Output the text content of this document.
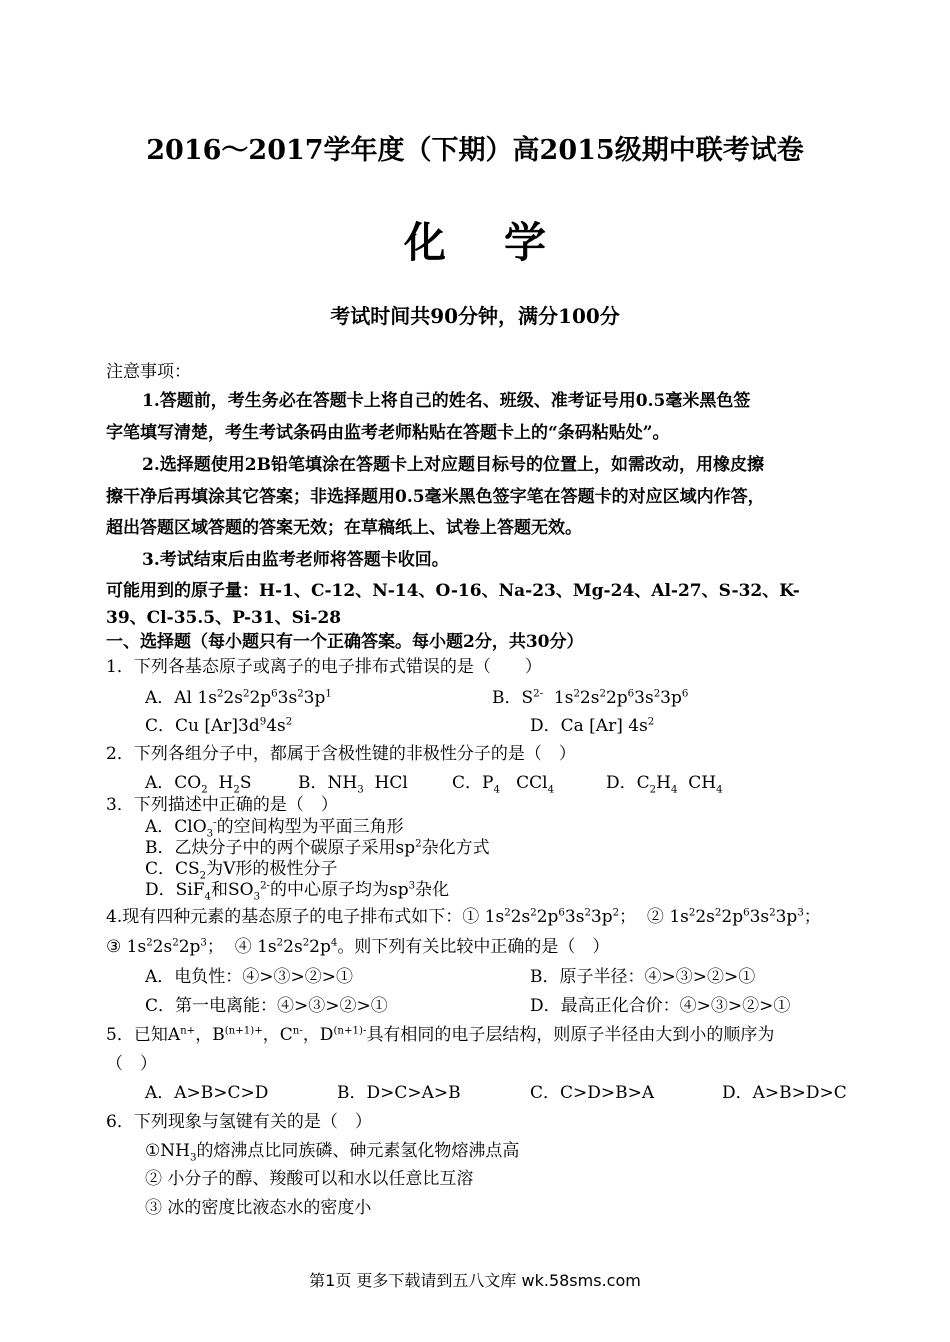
2016～2017学年度（下期）高2015级期中联考试卷
化学
考试时间共90分钟，满分100分
注意事项：
1.答题前，考生务必在答题卡上将自己的姓名、班级、准考证号用0.5毫米黑色签
字笔填写清楚，考生考试条码由监考老师粘贴在答题卡上的“条码粘贴处”。
2.选择题使用2B铅笔填涂在答题卡上对应题目标号的位置上，如需改动，用橡皮擦
擦干净后再填涂其它答案；非选择题用0.5毫米黑色签字笔在答题卡的对应区域内作答，
超出答题区域答题的答案无效；在草稿纸上、试卷上答题无效。
3.考试结束后由监考老师将答题卡收回。
可能用到的原子量：H-1、C-12、N-14、O-16、Na-23、Mg-24、Al-27、S-32、K-
39、Cl-35.5、P-31、Si-28
一、选择题（每小题只有一个正确答案。每小题2分，共30分）
1．下列各基态原子或离子的电子排布式错误的是（　　）
A．Al $1s^22s^22p^63s^23p^1$	B．$S^{2-}$  $1s^22s^22p^63s^23p^6$
C．Cu $[Ar]3d^94s^2$	D．Ca [Ar] $4s^2$
2．下列各组分子中，都属于含极性键的非极性分子的是（　）
A．$CO_2$  $H_2S$	B．$NH_3$  HCl	C．$P_4$   CCl$_4$	D．$C_2H_4$  $CH_4$
3．下列描述中正确的是（　）
A．ClO$_3$-的空间构型为平面三角形
B．乙炔分子中的两个碳原子采用$sp^2$杂化方式
C．$CS_2$为V形的极性分子
D．SiF$_4$和$SO_3^{2-}$的中心原子均为$sp^3$杂化
4.现有四种元素的基态原子的电子排布式如下：① $1s^22s^22p^63s^23p^2$；  ② $1s^22s^22p^63s^23p^3$；
③ $1s^22s^22p^3$；  ④ $1s^22s^22p^4$。则下列有关比较中正确的是（　）
A．电负性：④>③>②>①	B．原子半径：④>③>②>①
C．第一电离能：④>③>②>①	D．最高正化合价：④>③>②>①
5．已知$A^{n+}$，$B^{(n+1)+}$，$C^{n-}$，$D^{(n+1)-}$具有相同的电子层结构，则原子半径由大到小的顺序为
（　）
A．A>B>C>D	B．D>C>A>B	C．C>D>B>A	D．A>B>D>C
6．下列现象与氢键有关的是（　）
$①NH_3$的熔沸点比同族磷、砷元素氢化物熔沸点高
② 小分子的醇、羧酸可以和水以任意比互溶
③ 冰的密度比液态水的密度小
第1页 更多下载请到五八文库 wk.58sms.com
